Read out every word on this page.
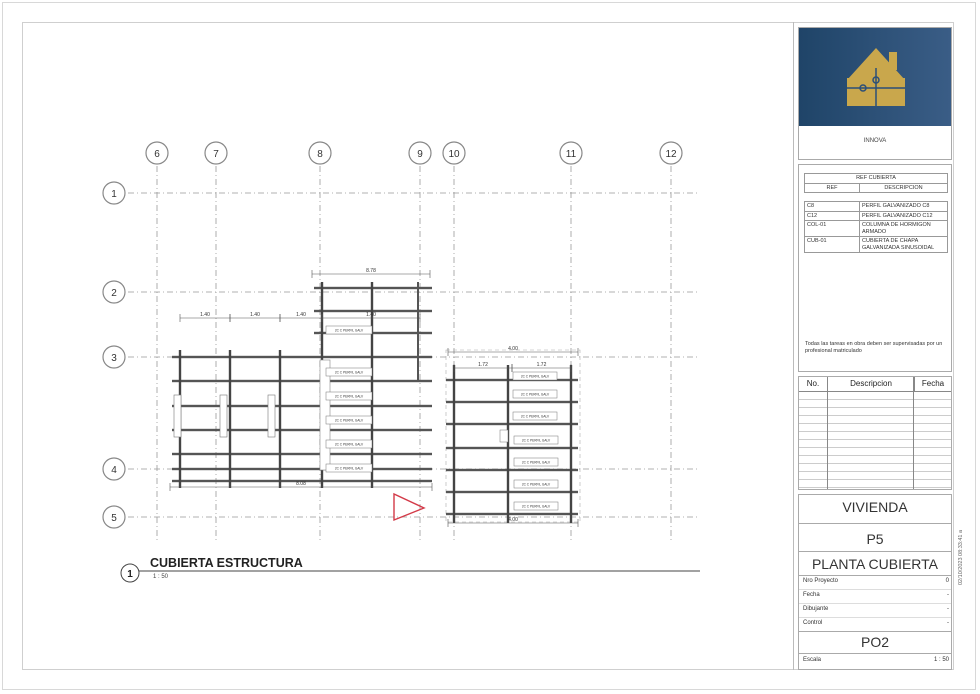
6	7	8	9	10	11	12
1
2
3
4
5
2C C PERFIL GALV
2C C PERFIL GALV
2C C PERFIL GALV
2C C PERFIL GALV
2C C PERFIL GALV
2C C PERFIL GALV
8.78
1.40	1.40	1.40	1.40
8.08
2C C PERFIL GALV
2C C PERFIL GALV
2C C PERFIL GALV
2C C PERFIL GALV
2C C PERFIL GALV
2C C PERFIL GALV
2C C PERFIL GALV
4.00
1.72	1.72
4.00
1
CUBIERTA ESTRUCTURA
1 : 50
INNOVA
REF CUBIERTA	
REF	DESCRIPCION

C8	PERFIL GALVANIZADO C8
C12	PERFIL GALVANIZADO C12
COL-01	COLUMNA DE HORMIGON ARMADO
CUB-01	CUBIERTA DE CHAPA GALVANIZADA SINUSOIDAL
Todas las tareas en obra deben ser supervisadas por un profesional matriculado
No.	Descripcion	Fecha
VIVIENDA
P5
PLANTA CUBIERTA
Nro Proyecto	0
Fecha	-
Dibujante	-
Control	-
PO2
Escala	1 : 50
02/10/2023 08:33:41 a
